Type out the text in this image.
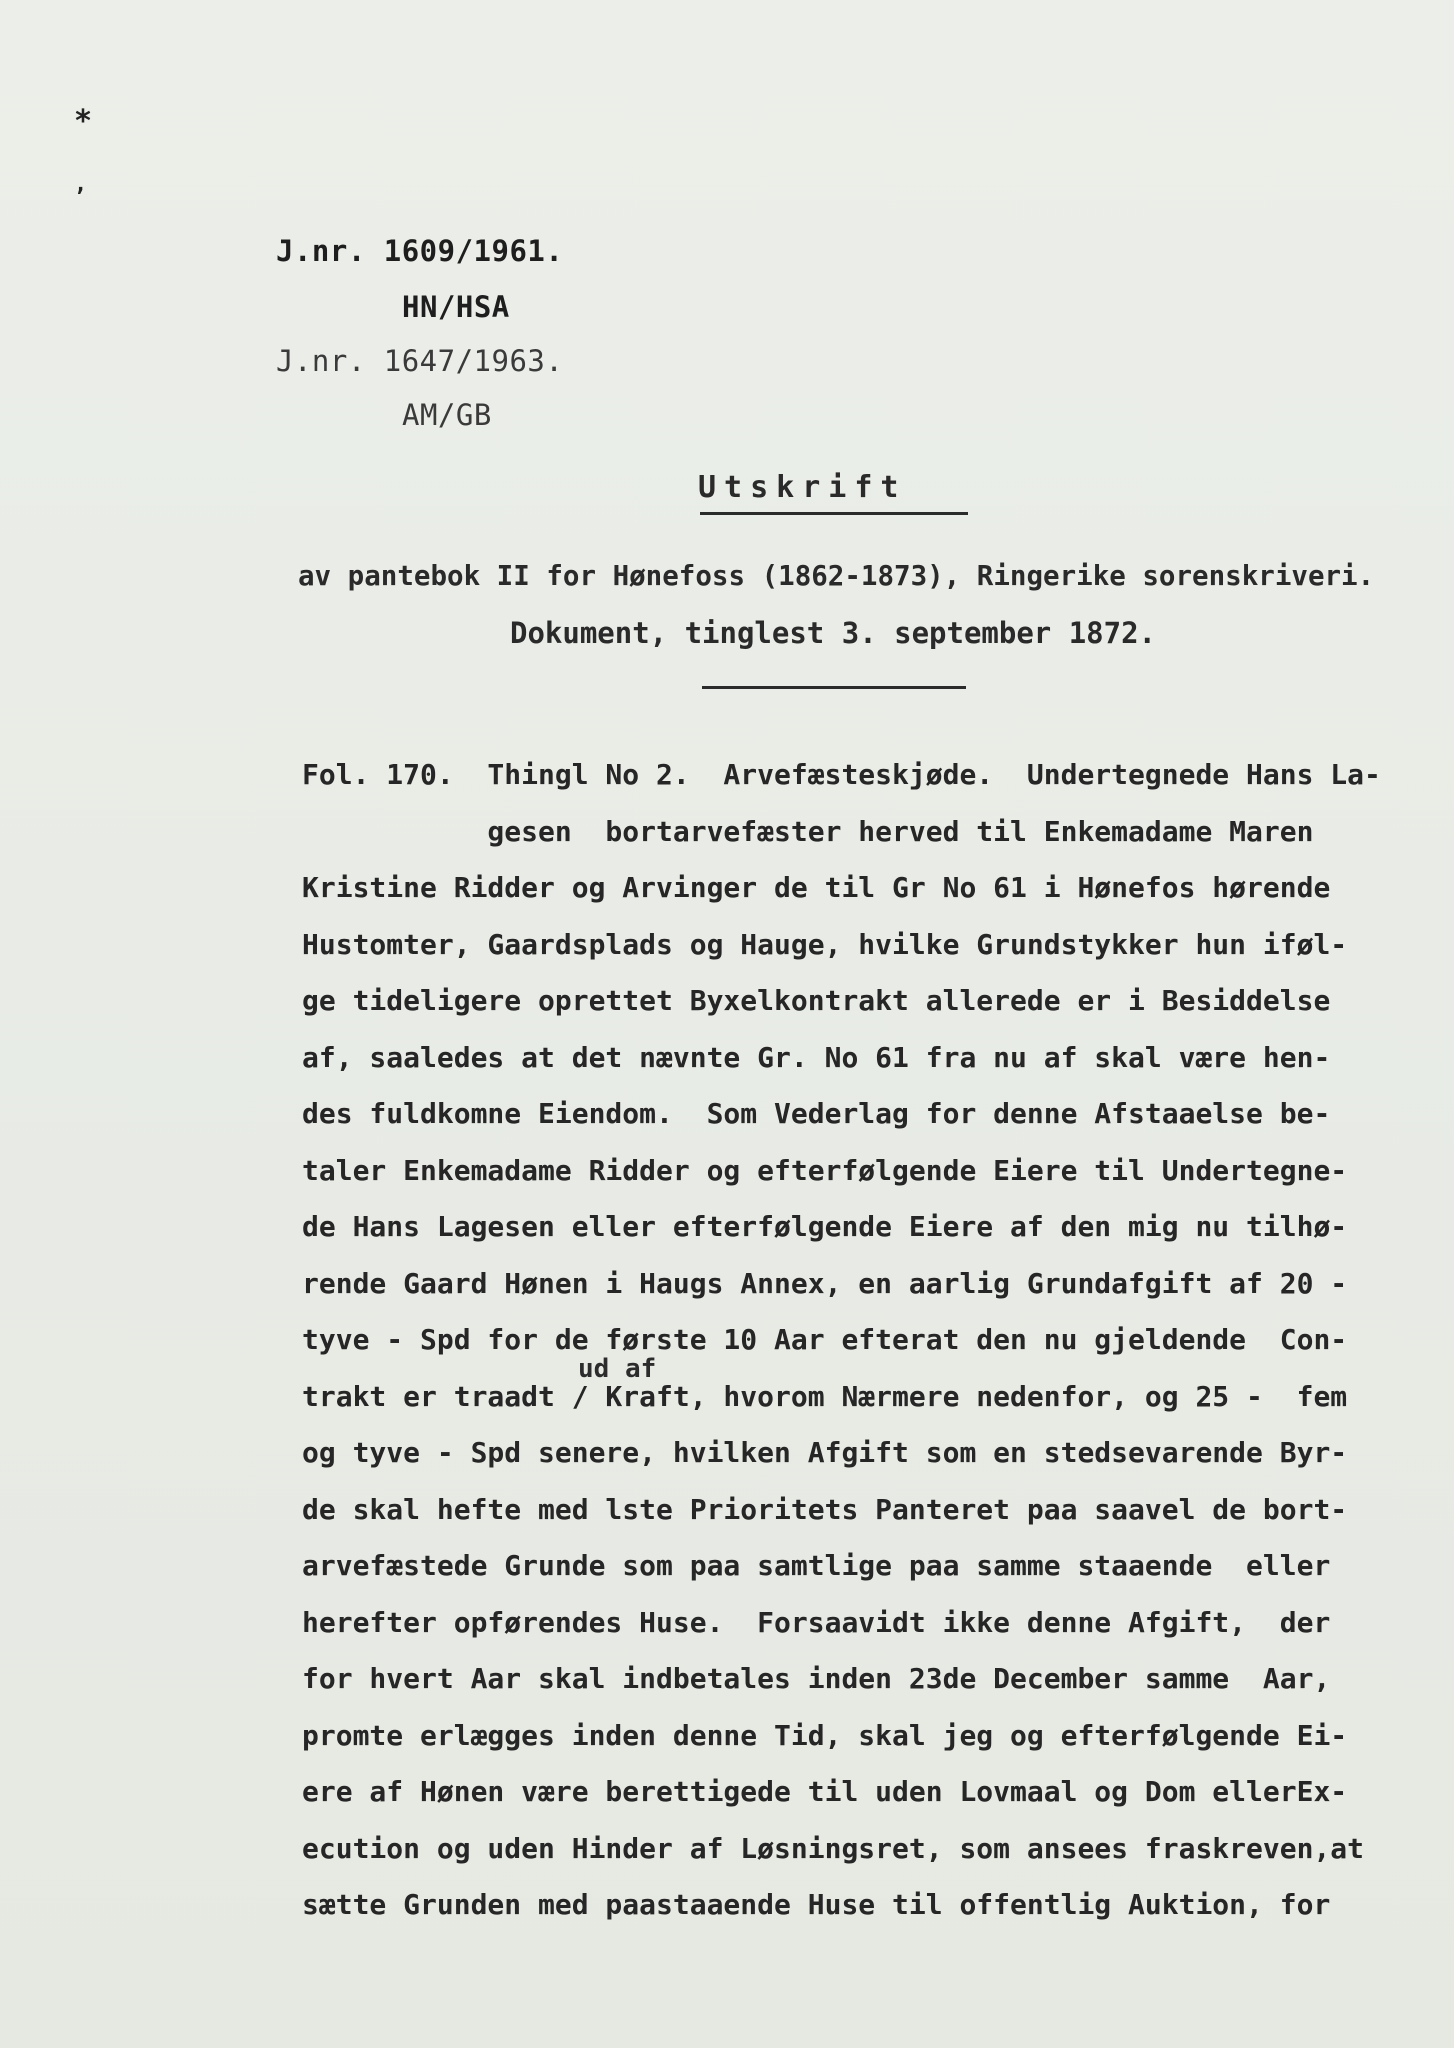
*
,
J.nr. 1609/1961.
HN/HSA
J.nr. 1647/1963.
AM/GB
Utskrift
av pantebok II for Hønefoss (1862-1873), Ringerike sorenskriveri.
Dokument, tinglest 3. september 1872.
ud af
Fol. 170.  Thingl No 2.  Arvefæsteskjøde.  Undertegnede Hans La-
gesen  bortarvefæster herved til Enkemadame Maren
Kristine Ridder og Arvinger de til Gr No 61 i Hønefos hørende
Hustomter, Gaardsplads og Hauge, hvilke Grundstykker hun iføl-
ge tideligere oprettet Byxelkontrakt allerede er i Besiddelse
af, saaledes at det nævnte Gr. No 61 fra nu af skal være hen-
des fuldkomne Eiendom.  Som Vederlag for denne Afstaaelse be-
taler Enkemadame Ridder og efterfølgende Eiere til Undertegne-
de Hans Lagesen eller efterfølgende Eiere af den mig nu tilhø-
rende Gaard Hønen i Haugs Annex, en aarlig Grundafgift af 20 -
tyve - Spd for de første 10 Aar efterat den nu gjeldende  Con-
trakt er traadt / Kraft, hvorom Nærmere nedenfor, og 25 -  fem
og tyve - Spd senere, hvilken Afgift som en stedsevarende Byr-
de skal hefte med lste Prioritets Panteret paa saavel de bort-
arvefæstede Grunde som paa samtlige paa samme staaende  eller
herefter opførendes Huse.  Forsaavidt ikke denne Afgift,  der
for hvert Aar skal indbetales inden 23de December samme  Aar,
promte erlægges inden denne Tid, skal jeg og efterfølgende Ei-
ere af Hønen være berettigede til uden Lovmaal og Dom ellerEx-
ecution og uden Hinder af Løsningsret, som ansees fraskreven,at
sætte Grunden med paastaaende Huse til offentlig Auktion, for
